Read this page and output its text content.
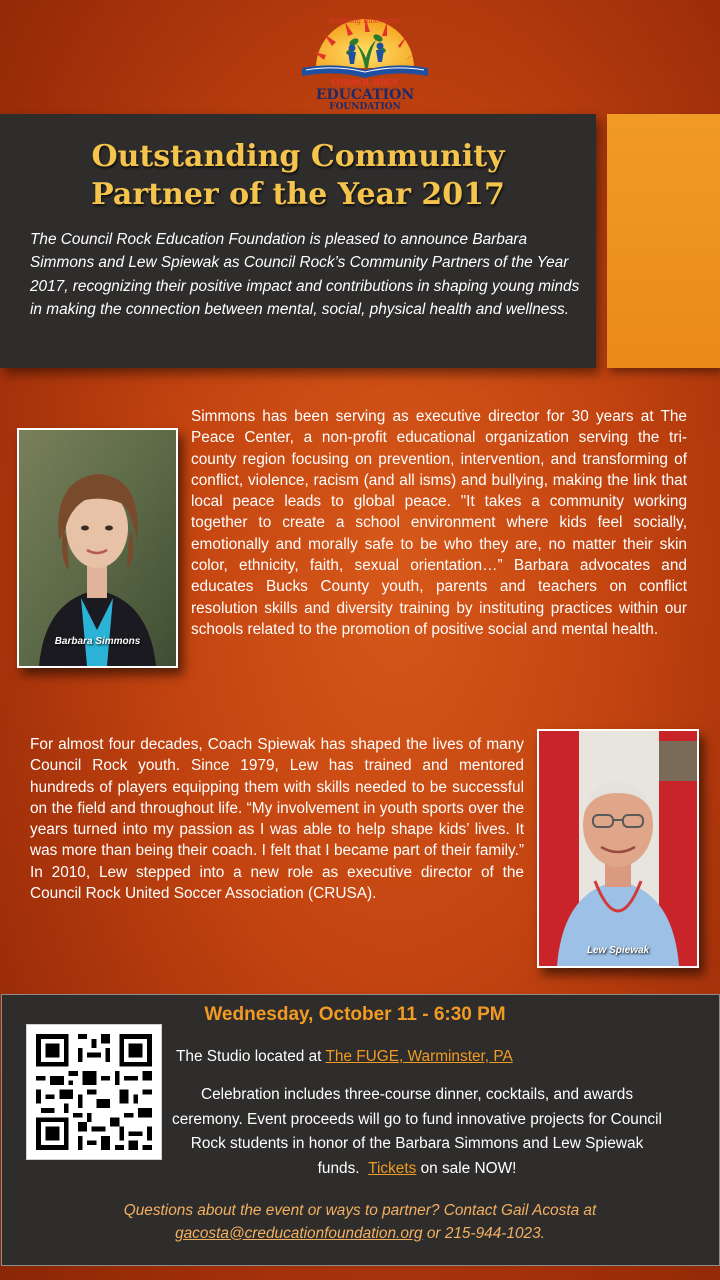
Inspiring Innovation
COUNCIL ROCK
EDUCATION
FOUNDATION
Outstanding Community
Partner of the Year 2017

The Council Rock Education Foundation is pleased to announce Barbara Simmons and Lew Spiewak as Council Rock’s Community Partners of the Year 2017, recognizing their positive impact and contributions in shaping young minds in making the connection between mental, social, physical health and wellness.

Barbara Simmons

Simmons has been serving as executive director for 30 years at The Peace Center, a non-profit educational organization serving the tri-county region focusing on prevention, intervention, and transforming of conflict, violence, racism (and all isms) and bullying, making the link that local peace leads to global peace. "It takes a community working together to create a school environment where kids feel socially, emotionally and morally safe to be who they are, no matter their skin color, ethnicity, faith, sexual orientation…” Barbara advocates and educates Bucks County youth, parents and teachers on conflict resolution skills and diversity training by instituting practices within our schools related to the promotion of positive social and mental health.

For almost four decades, Coach Spiewak has shaped the lives of many Council Rock youth. Since 1979, Lew has trained and mentored hundreds of players equipping them with skills needed to be successful on the field and throughout life. “My involvement in youth sports over the years turned into my passion as I was able to help shape kids’ lives. It was more than being their coach. I felt that I became part of their family.” In 2010, Lew stepped into a new role as executive director of the Council Rock United Soccer Association (CRUSA).

Lew Spiewak

Wednesday, October 11 - 6:30 PM

The Studio located at The FUGE, Warminster, PA

Celebration includes three-course dinner, cocktails, and awards ceremony. Event proceeds will go to fund innovative projects for Council Rock students in honor of the Barbara Simmons and Lew Spiewak funds. Tickets on sale NOW!

Questions about the event or ways to partner? Contact Gail Acosta at gacosta@creducationfoundation.org or 215-944-1023.
